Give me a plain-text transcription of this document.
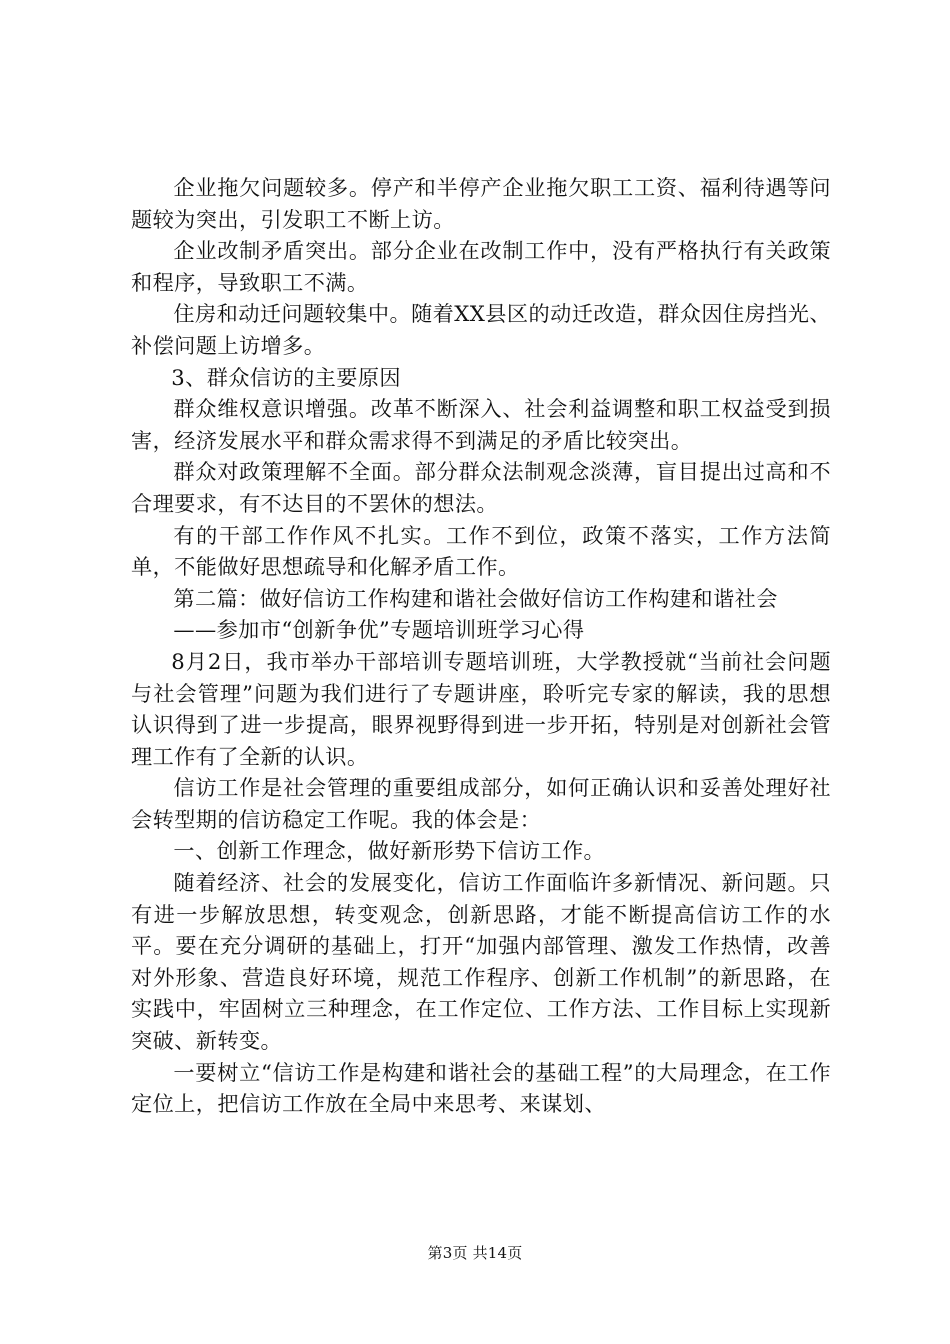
企业拖欠问题较多。停产和半停产企业拖欠职工工资、福利待遇等问题较为突出，引发职工不断上访。

企业改制矛盾突出。部分企业在改制工作中，没有严格执行有关政策和程序，导致职工不满。

住房和动迁问题较集中。随着XX县区的动迁改造，群众因住房挡光、补偿问题上访增多。

3、群众信访的主要原因

群众维权意识增强。改革不断深入、社会利益调整和职工权益受到损害，经济发展水平和群众需求得不到满足的矛盾比较突出。

群众对政策理解不全面。部分群众法制观念淡薄，盲目提出过高和不合理要求，有不达目的不罢休的想法。

有的干部工作作风不扎实。工作不到位，政策不落实，工作方法简单，不能做好思想疏导和化解矛盾工作。

第二篇：做好信访工作构建和谐社会做好信访工作构建和谐社会

——参加市“创新争优”专题培训班学习心得

8月2日，我市举办干部培训专题培训班，大学教授就“当前社会问题与社会管理”问题为我们进行了专题讲座，聆听完专家的解读，我的思想认识得到了进一步提高，眼界视野得到进一步开拓，特别是对创新社会管理工作有了全新的认识。

信访工作是社会管理的重要组成部分，如何正确认识和妥善处理好社会转型期的信访稳定工作呢。我的体会是：

一、创新工作理念，做好新形势下信访工作。

随着经济、社会的发展变化，信访工作面临许多新情况、新问题。只有进一步解放思想，转变观念，创新思路，才能不断提高信访工作的水平。要在充分调研的基础上，打开“加强内部管理、激发工作热情，改善对外形象、营造良好环境，规范工作程序、创新工作机制”的新思路，在实践中，牢固树立三种理念，在工作定位、工作方法、工作目标上实现新突破、新转变。

一要树立“信访工作是构建和谐社会的基础工程”的大局理念，在工作定位上，把信访工作放在全局中来思考、来谋划、

第3页 共14页
